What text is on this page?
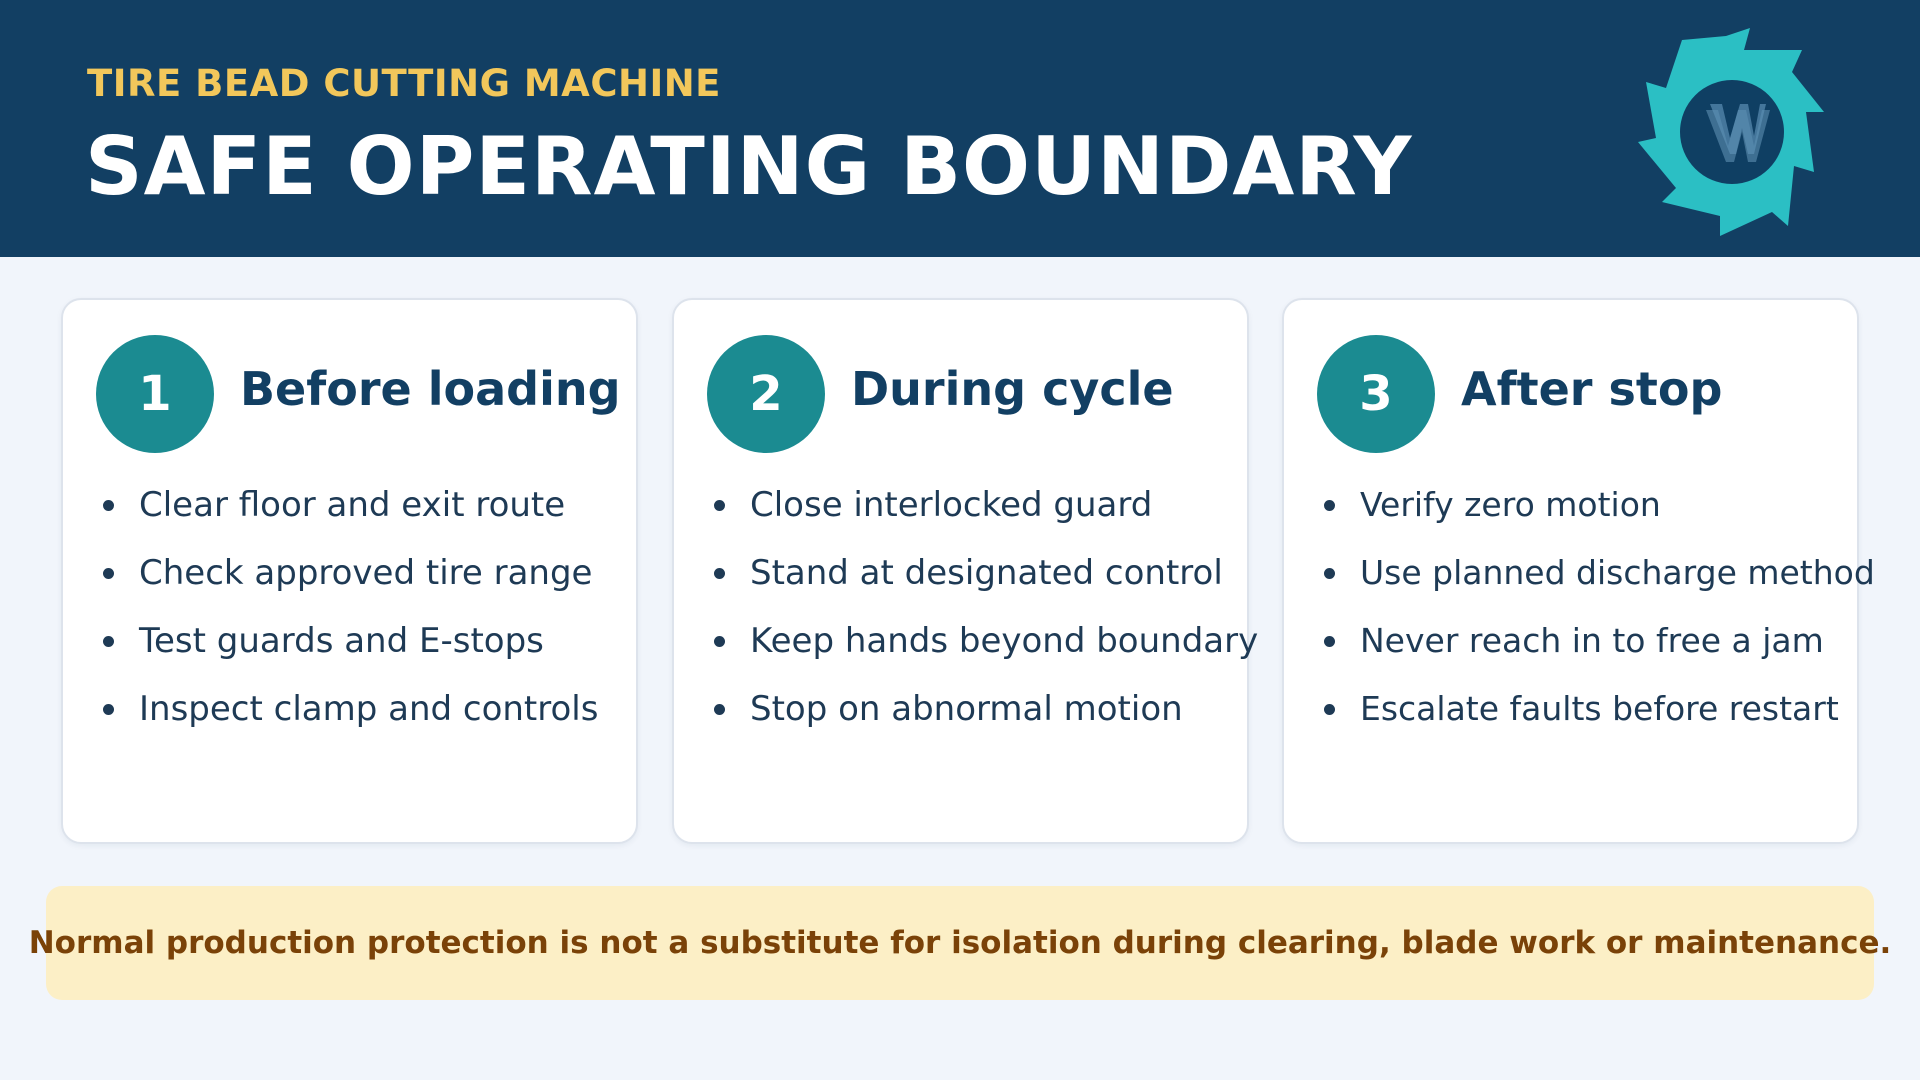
TIRE BEAD CUTTING MACHINE
SAFE OPERATING BOUNDARY
1	Before loading
Clear floor and exit route
Check approved tire range
Test guards and E-stops
Inspect clamp and controls
2	During cycle
Close interlocked guard
Stand at designated control
Keep hands beyond boundary
Stop on abnormal motion
3	After stop
Verify zero motion
Use planned discharge method
Never reach in to free a jam
Escalate faults before restart
Normal production protection is not a substitute for isolation during clearing, blade work or maintenance.
